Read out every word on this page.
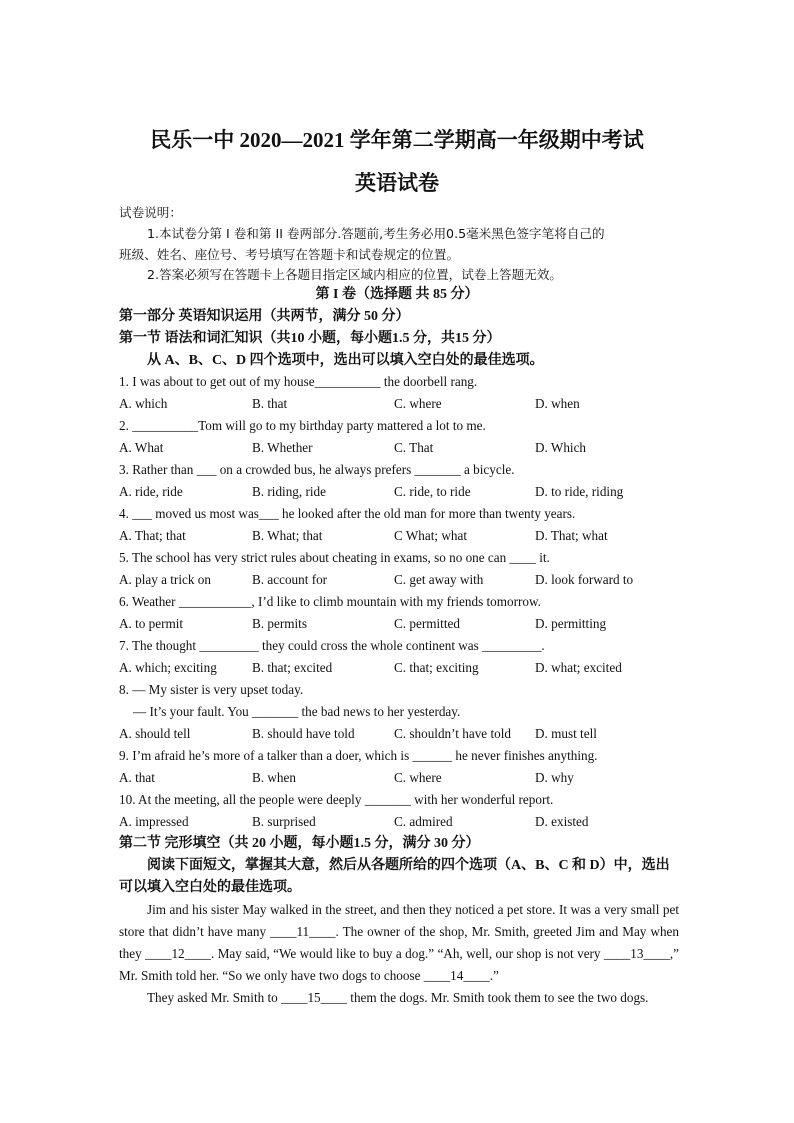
民乐一中 2020—2021 学年第二学期高一年级期中考试
英语试卷
试卷说明：
1.本试卷分第 I 卷和第 II 卷两部分.答题前,考生务必用0.5毫米黑色签字笔将自己的
班级、姓名、座位号、考号填写在答题卡和试卷规定的位置。
2.答案必须写在答题卡上各题目指定区域内相应的位置，试卷上答题无效。
第 I 卷（选择题 共 85 分）
第一部分 英语知识运用（共两节，满分 50 分）
第一节 语法和词汇知识（共10 小题，每小题1.5 分，共15 分）
从 A、B、C、D 四个选项中，选出可以填入空白处的最佳选项。
1. I was about to get out of my house__________ the doorbell rang.
A. which	B. that	C. where	D. when
2. __________Tom will go to my birthday party mattered a lot to me.
A. What	B. Whether	C. That	D. Which
3. Rather than ___ on a crowded bus, he always prefers _______ a bicycle.
A. ride, ride	B. riding, ride	C. ride, to ride	D. to ride, riding
4. ___ moved us most was___ he looked after the old man for more than twenty years.
A. That; that	B. What; that	C What; what	D. That; what
5. The school has very strict rules about cheating in exams, so no one can ____ it.
A. play a trick on	B. account for	C. get away with	D. look forward to
6. Weather ___________, I’d like to climb mountain with my friends tomorrow.
A. to permit	B. permits	C. permitted	D. permitting
7. The thought _________ they could cross the whole continent was _________.
A. which; exciting	B. that; excited	C. that; exciting	D. what; excited
8. — My sister is very upset today.
— It’s your fault. You _______ the bad news to her yesterday.
A. should tell	B. should have told	C. shouldn’t have told D. must tell
9. I’m afraid he’s more of a talker than a doer, which is ______ he never finishes anything.
A. that	B. when	C. where	D. why
10. At the meeting, all the people were deeply _______ with her wonderful report.
A. impressed	B. surprised	C. admired	D. existed
第二节 完形填空（共 20 小题，每小题1.5 分，满分 30 分）
阅读下面短文，掌握其大意，然后从各题所给的四个选项（A、B、C 和 D）中，选出
可以填入空白处的最佳选项。
Jim and his sister May walked in the street, and then they noticed a pet store. It was a very small pet store that didn’t have many ____11____. The owner of the shop, Mr. Smith, greeted Jim and May when they ____12____. May said, “We would like to buy a dog.” “Ah, well, our shop is not very ____13____,” Mr. Smith told her. “So we only have two dogs to choose ____14____.”
They asked Mr. Smith to ____15____ them the dogs. Mr. Smith took them to see the two dogs.
